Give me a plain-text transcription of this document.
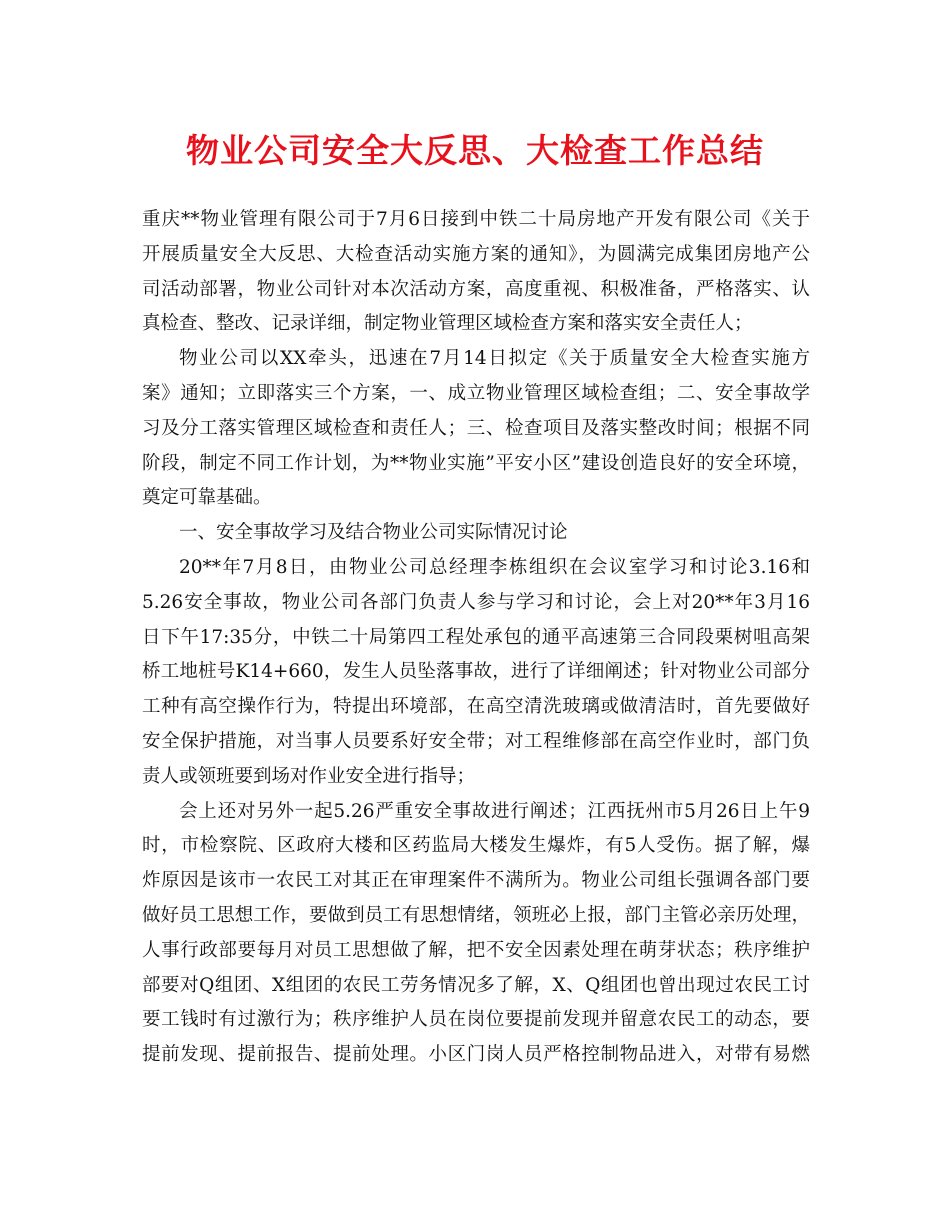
物业公司安全大反思、大检查工作总结

重庆**物业管理有限公司于7月6日接到中铁二十局房地产开发有限公司《关于
开展质量安全大反思、大检查活动实施方案的通知》，为圆满完成集团房地产公
司活动部署，物业公司针对本次活动方案，高度重视、积极准备，严格落实、认
真检查、整改、记录详细，制定物业管理区域检查方案和落实安全责任人；

物业公司以XX牵头，迅速在7月14日拟定《关于质量安全大检查实施方
案》通知；立即落实三个方案，一、成立物业管理区域检查组；二、安全事故学
习及分工落实管理区域检查和责任人；三、检查项目及落实整改时间；根据不同
阶段，制定不同工作计划，为**物业实施”平安小区”建设创造良好的安全环境，
奠定可靠基础。

一、安全事故学习及结合物业公司实际情况讨论

20**年7月8日，由物业公司总经理李栋组织在会议室学习和讨论3.16和
5.26安全事故，物业公司各部门负责人参与学习和讨论，会上对20**年3月16
日下午17:35分，中铁二十局第四工程处承包的通平高速第三合同段栗树咀高架
桥工地桩号K14+660，发生人员坠落事故，进行了详细阐述；针对物业公司部分
工种有高空操作行为，特提出环境部，在高空清洗玻璃或做清洁时，首先要做好
安全保护措施，对当事人员要系好安全带；对工程维修部在高空作业时，部门负
责人或领班要到场对作业安全进行指导；

会上还对另外一起5.26严重安全事故进行阐述；江西抚州市5月26日上午9
时，市检察院、区政府大楼和区药监局大楼发生爆炸，有5人受伤。据了解，爆
炸原因是该市一农民工对其正在审理案件不满所为。物业公司组长强调各部门要
做好员工思想工作，要做到员工有思想情绪，领班必上报，部门主管必亲历处理，
人事行政部要每月对员工思想做了解，把不安全因素处理在萌芽状态；秩序维护
部要对Q组团、X组团的农民工劳务情况多了解，X、Q组团也曾出现过农民工讨
要工钱时有过激行为；秩序维护人员在岗位要提前发现并留意农民工的动态，要
提前发现、提前报告、提前处理。小区门岗人员严格控制物品进入，对带有易燃
